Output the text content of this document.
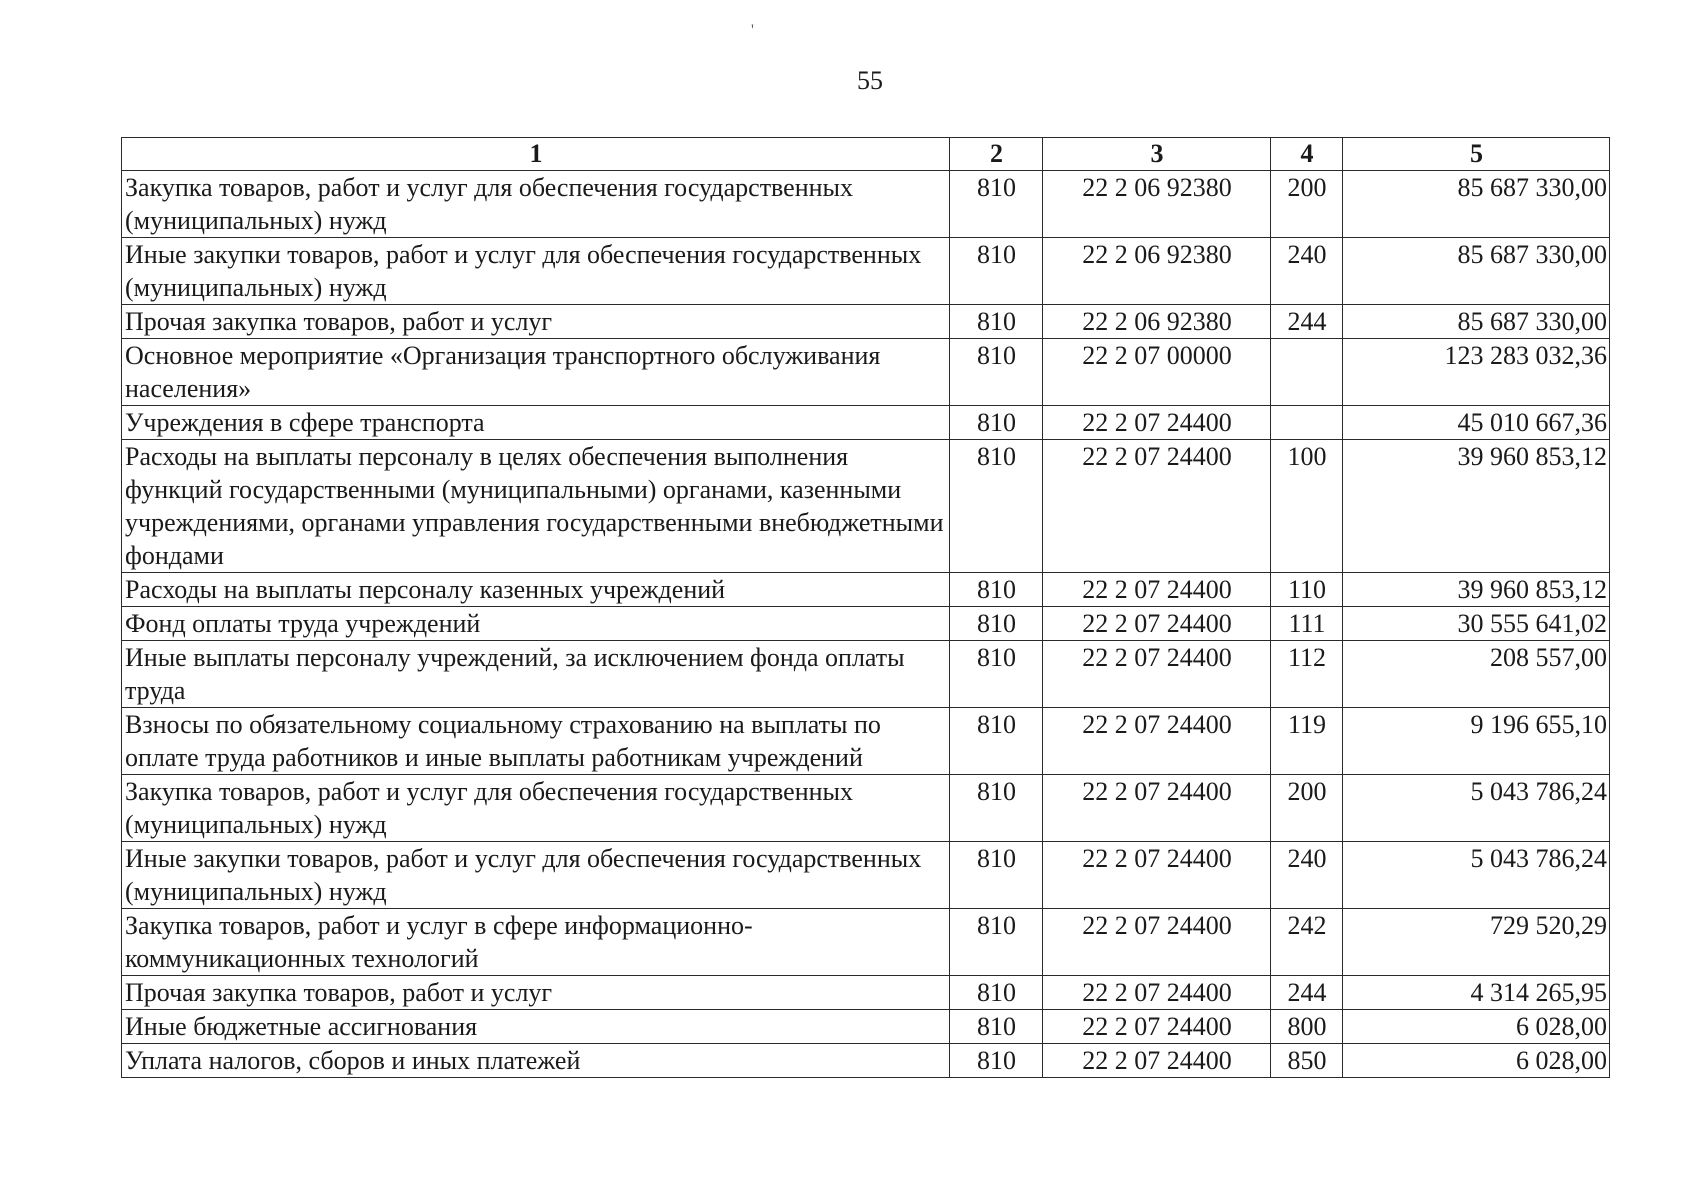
'
55
1	2	3	4	5
Закупка товаров, работ и услуг для обеспечения государственных (муниципальных) нужд	810	22 2 06 92380	200	85 687 330,00
Иные закупки товаров, работ и услуг для обеспечения государственных (муниципальных) нужд	810	22 2 06 92380	240	85 687 330,00
Прочая закупка товаров, работ и услуг	810	22 2 06 92380	244	85 687 330,00
Основное мероприятие «Организация транспортного обслуживания населения»	810	22 2 07 00000		123 283 032,36
Учреждения в сфере транспорта	810	22 2 07 24400		45 010 667,36
Расходы на выплаты персоналу в целях обеспечения выполнения функций государственными (муниципальными) органами, казенными учреждениями, органами управления государственными внебюджетными фондами	810	22 2 07 24400	100	39 960 853,12
Расходы на выплаты персоналу казенных учреждений	810	22 2 07 24400	110	39 960 853,12
Фонд оплаты труда учреждений	810	22 2 07 24400	111	30 555 641,02
Иные выплаты персоналу учреждений, за исключением фонда оплаты труда	810	22 2 07 24400	112	208 557,00
Взносы по обязательному социальному страхованию на выплаты по оплате труда работников и иные выплаты работникам учреждений	810	22 2 07 24400	119	9 196 655,10
Закупка товаров, работ и услуг для обеспечения государственных (муниципальных) нужд	810	22 2 07 24400	200	5 043 786,24
Иные закупки товаров, работ и услуг для обеспечения государственных (муниципальных) нужд	810	22 2 07 24400	240	5 043 786,24
Закупка товаров, работ и услуг в сфере информационно-коммуникационных технологий	810	22 2 07 24400	242	729 520,29
Прочая закупка товаров, работ и услуг	810	22 2 07 24400	244	4 314 265,95
Иные бюджетные ассигнования	810	22 2 07 24400	800	6 028,00
Уплата налогов, сборов и иных платежей	810	22 2 07 24400	850	6 028,00
